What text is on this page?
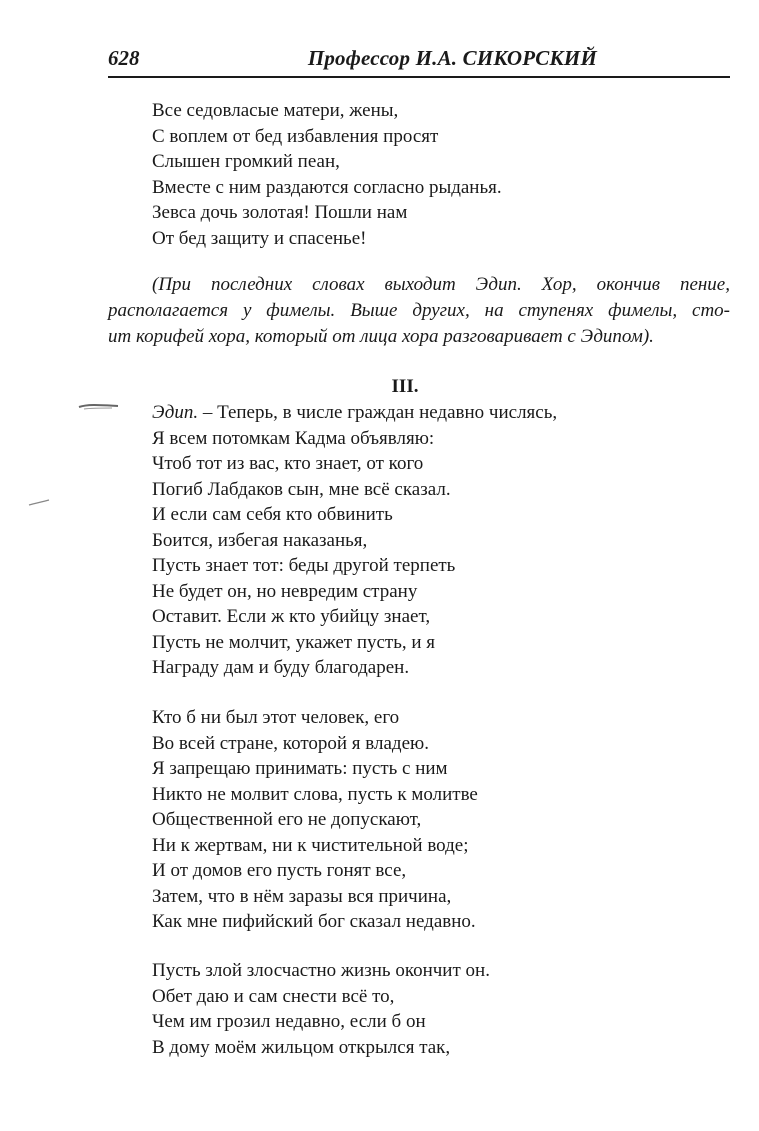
628	Профессор И.А. СИКОРСКИЙ
Все седовласые матери, жены,
С воплем от бед избавления просят
Слышен громкий пеан,
Вместе с ним раздаются согласно рыданья.
Зевса дочь золотая! Пошли нам
От бед защиту и спасенье!
(При последних словах выходит Эдип. Хор, окончив пение,
располагается у фимелы. Выше других, на ступенях фимелы, сто-
ит корифей хора, который от лица хора разговаривает с Эдипом).
III.
Эдип. – Теперь, в числе граждан недавно числясь,
Я всем потомкам Кадма объявляю:
Чтоб тот из вас, кто знает, от кого
Погиб Лабдаков сын, мне всё сказал.
И если сам себя кто обвинить
Боится, избегая наказанья,
Пусть знает тот: беды другой терпеть
Не будет он, но невредим страну
Оставит. Если ж кто убийцу знает,
Пусть не молчит, укажет пусть, и я
Награду дам и буду благодарен.
Кто б ни был этот человек, его
Во всей стране, которой я владею.
Я запрещаю принимать: пусть с ним
Никто не молвит слова, пусть к молитве
Общественной его не допускают,
Ни к жертвам, ни к чистительной воде;
И от домов его пусть гонят все,
Затем, что в нём заразы вся причина,
Как мне пифийский бог сказал недавно.
Пусть злой злосчастно жизнь окончит он.
Обет даю и сам снести всё то,
Чем им грозил недавно, если б он
В дому моём жильцом открылся так,
